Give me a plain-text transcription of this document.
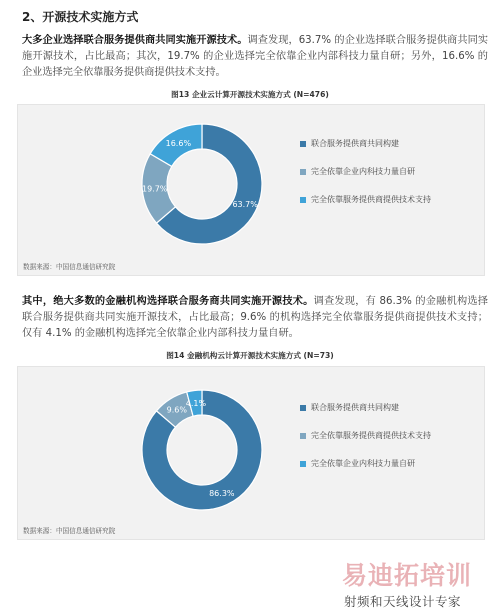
2、开源技术实施方式
大多企业选择联合服务提供商共同实施开源技术。调查发现，63.7% 的企业选择联合服务提供商共同实施开源技术，占比最高；其次，19.7% 的企业选择完全依靠企业内部科技力量自研；另外，16.6% 的企业选择完全依靠服务提供商提供技术支持。
图13 企业云计算开源技术实施方式 (N=476)
63.7%
19.7%
16.6%	联合服务提供商共同构建
完全依靠企业内科技力量自研
完全依靠服务提供商提供技术支持
数据来源：中国信息通信研究院
其中，绝大多数的金融机构选择联合服务商共同实施开源技术。调查发现，有 86.3% 的金融机构选择联合服务提供商共同实施开源技术，占比最高；9.6% 的机构选择完全依靠服务提供商提供技术支持；仅有 4.1% 的金融机构选择完全依靠企业内部科技力量自研。
图14 金融机构云计算开源技术实施方式 (N=73)
86.3%
9.6%
4.1%	联合服务提供商共同构建
完全依靠服务提供商提供技术支持
完全依靠企业内科技力量自研
数据来源：中国信息通信研究院
易迪拓培训
射频和天线设计专家
